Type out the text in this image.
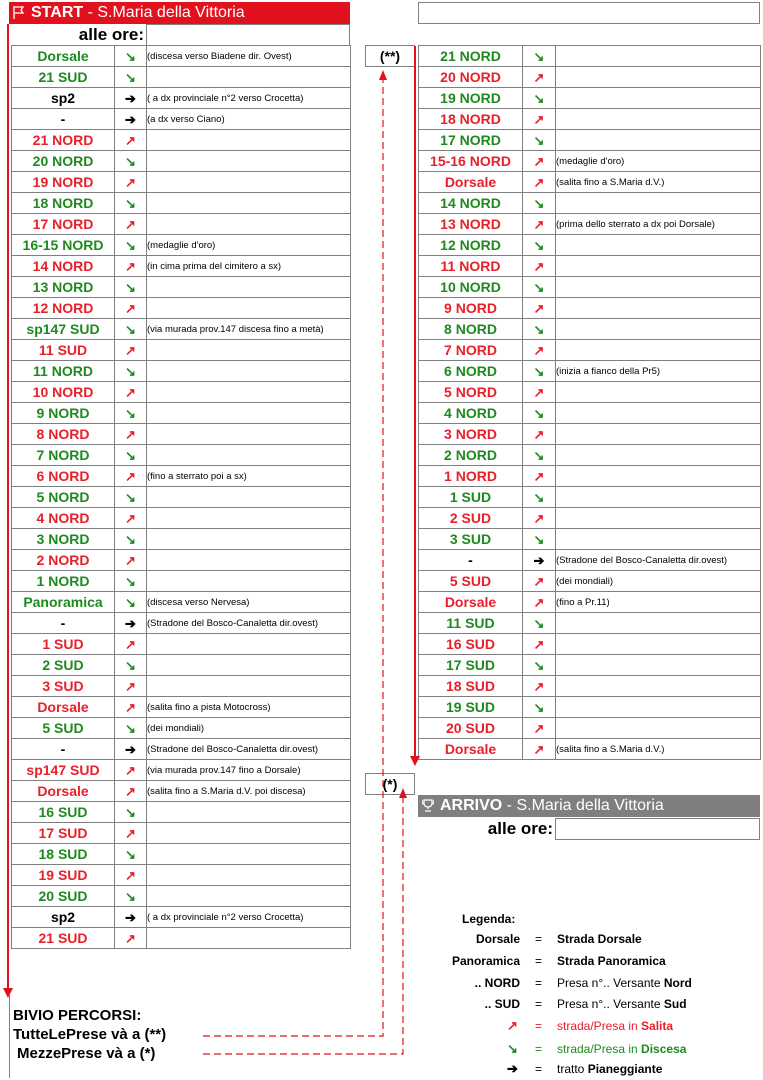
START - S.Maria della Vittoria
alle ore:
Dorsale	↘	(discesa verso Biadene dir. Ovest)
21 SUD	↘	
sp2	➔	( a dx provinciale n°2 verso Crocetta)
-	➔	(a dx verso Ciano)
21 NORD	↗	
20 NORD	↘	
19 NORD	↗	
18 NORD	↘	
17 NORD	↗	
16-15 NORD	↘	(medaglie d'oro)
14 NORD	↗	(in cima prima del cimitero a sx)
13 NORD	↘	
12 NORD	↗	
sp147 SUD	↘	(via murada prov.147 discesa fino a metà)
11 SUD	↗	
11 NORD	↘	
10 NORD	↗	
9 NORD	↘	
8 NORD	↗	
7 NORD	↘	
6 NORD	↗	(fino a sterrato poi a sx)
5 NORD	↘	
4 NORD	↗	
3 NORD	↘	
2 NORD	↗	
1 NORD	↘	
Panoramica	↘	(discesa verso Nervesa)
-	➔	(Stradone del Bosco-Canaletta dir.ovest)
1 SUD	↗	
2 SUD	↘	
3 SUD	↗	
Dorsale	↗	(salita fino a pista Motocross)
5 SUD	↘	(dei mondiali)
-	➔	(Stradone del Bosco-Canaletta dir.ovest)
sp147 SUD	↗	(via murada prov.147 fino a Dorsale)
Dorsale	↗	(salita fino a S.Maria d.V. poi discesa)
16 SUD	↘	
17 SUD	↗	
18 SUD	↘	
19 SUD	↗	
20 SUD	↘	
sp2	➔	( a dx provinciale n°2 verso Crocetta)
21 SUD	↗	
(**)
(*)
21 NORD	↘	
20 NORD	↗	
19 NORD	↘	
18 NORD	↗	
17 NORD	↘	
15-16 NORD	↗	(medaglie d'oro)
Dorsale	↗	(salita fino a S.Maria d.V.)
14 NORD	↘	
13 NORD	↗	(prima dello sterrato a dx poi Dorsale)
12 NORD	↘	
11 NORD	↗	
10 NORD	↘	
9 NORD	↗	
8 NORD	↘	
7 NORD	↗	
6 NORD	↘	(inizia a fianco della Pr5)
5 NORD	↗	
4 NORD	↘	
3 NORD	↗	
2 NORD	↘	
1 NORD	↗	
1 SUD	↘	
2 SUD	↗	
3 SUD	↘	
-	➔	(Stradone del Bosco-Canaletta dir.ovest)
5 SUD	↗	(dei mondiali)
Dorsale	↗	(fino a Pr.11)
11 SUD	↘	
16 SUD	↗	
17 SUD	↘	
18 SUD	↗	
19 SUD	↘	
20 SUD	↗	
Dorsale	↗	(salita fino a S.Maria d.V.)
ARRIVO - S.Maria della Vittoria
alle ore:
BIVIO PERCORSI:
TutteLePrese và a (**)
MezzePrese và a (*)
Legenda:
Dorsale = Strada Dorsale
Panoramica = Strada Panoramica
.. NORD = Presa n°.. Versante Nord
.. SUD = Presa n°.. Versante Sud
↗ = strada/Presa in Salita
↘ = strada/Presa in Discesa
➔ = tratto Pianeggiante
